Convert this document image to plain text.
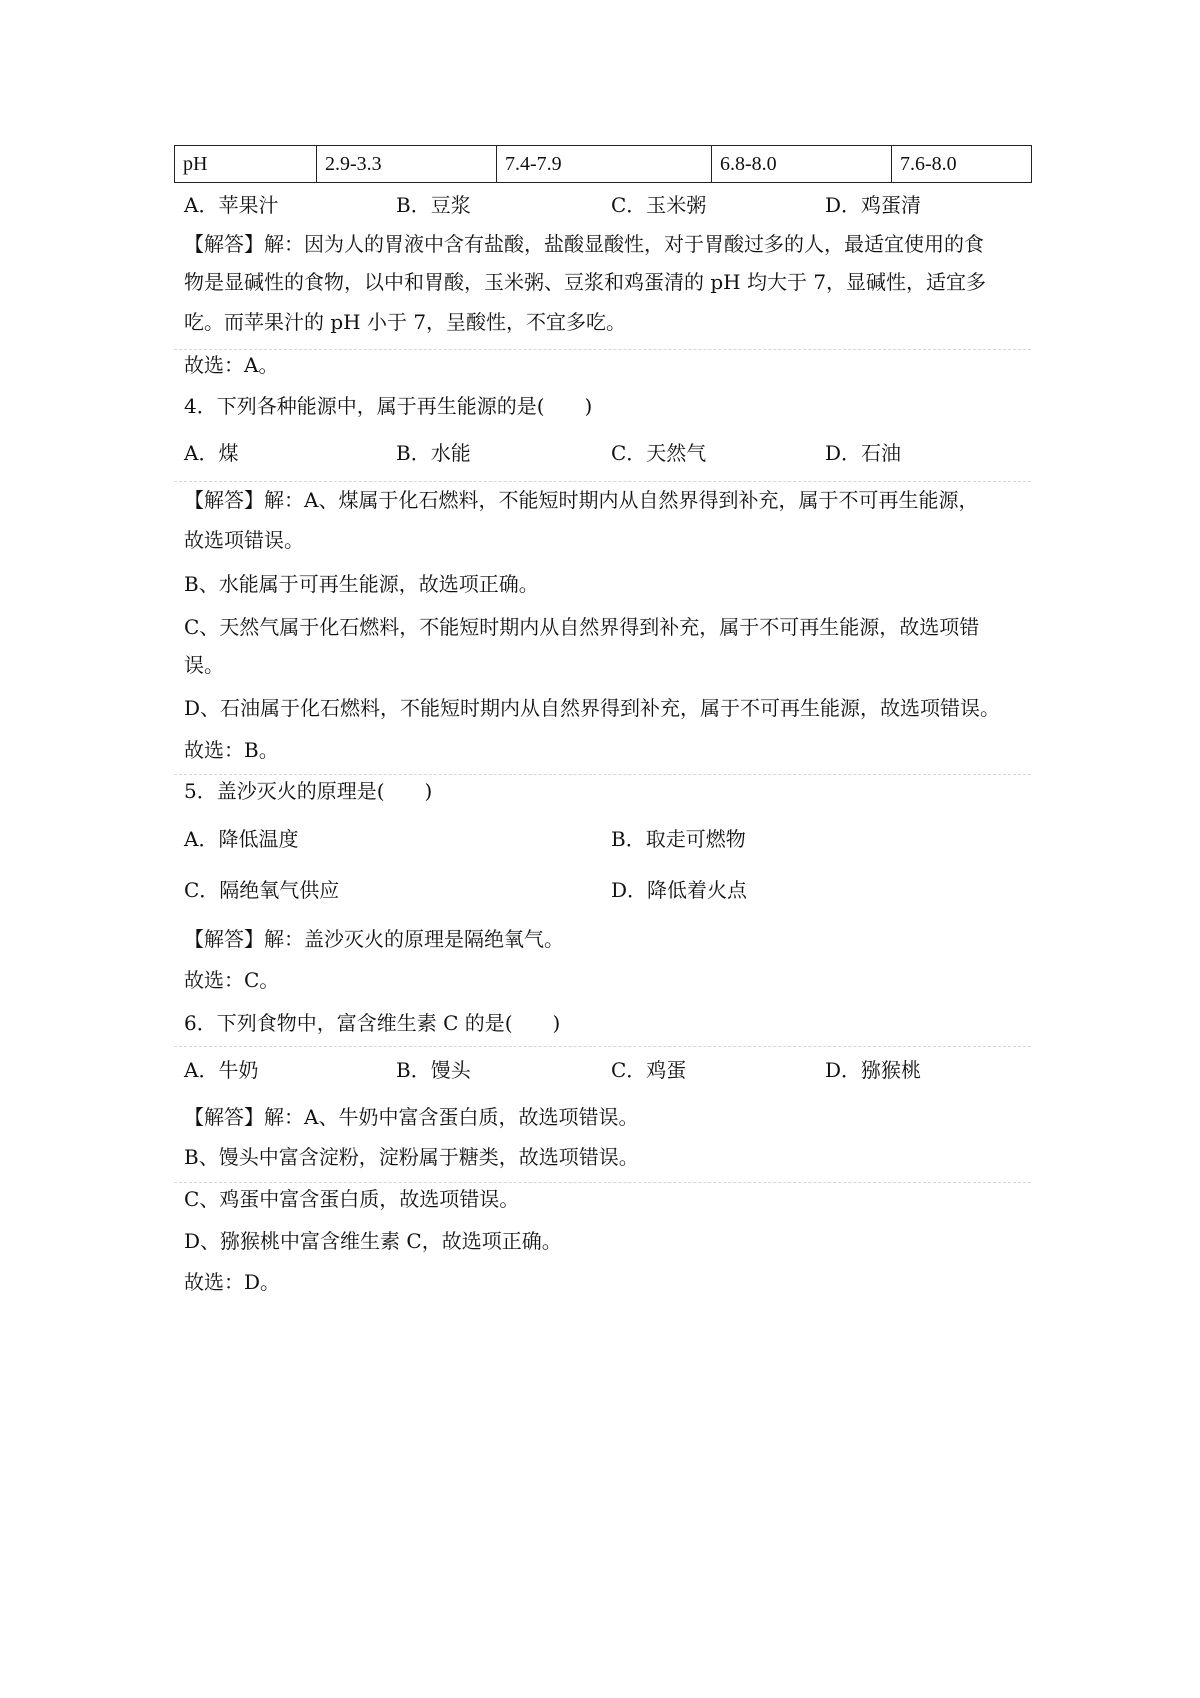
pH	2.9-3.3	7.4-7.9	6.8-8.0	7.6-8.0
A．苹果汁	B．豆浆	C．玉米粥	D．鸡蛋清
【解答】解：因为人的胃液中含有盐酸，盐酸显酸性，对于胃酸过多的人，最适宜使用的食
物是显碱性的食物，以中和胃酸，玉米粥、豆浆和鸡蛋清的 pH 均大于 7，显碱性，适宜多
吃。而苹果汁的 pH 小于 7，呈酸性，不宜多吃。
故选：A。
4．下列各种能源中，属于再生能源的是(　　)
A．煤	B．水能	C．天然气	D．石油
【解答】解：A、煤属于化石燃料，不能短时期内从自然界得到补充，属于不可再生能源，
故选项错误。
B、水能属于可再生能源，故选项正确。
C、天然气属于化石燃料，不能短时期内从自然界得到补充，属于不可再生能源，故选项错
误。
D、石油属于化石燃料，不能短时期内从自然界得到补充，属于不可再生能源，故选项错误。
故选：B。
5．盖沙灭火的原理是(　　)
A．降低温度	B．取走可燃物
C．隔绝氧气供应	D．降低着火点
【解答】解：盖沙灭火的原理是隔绝氧气。
故选：C。
6．下列食物中，富含维生素 C 的是(　　)
A．牛奶	B．馒头	C．鸡蛋	D．猕猴桃
【解答】解：A、牛奶中富含蛋白质，故选项错误。
B、馒头中富含淀粉，淀粉属于糖类，故选项错误。
C、鸡蛋中富含蛋白质，故选项错误。
D、猕猴桃中富含维生素 C，故选项正确。
故选：D。
